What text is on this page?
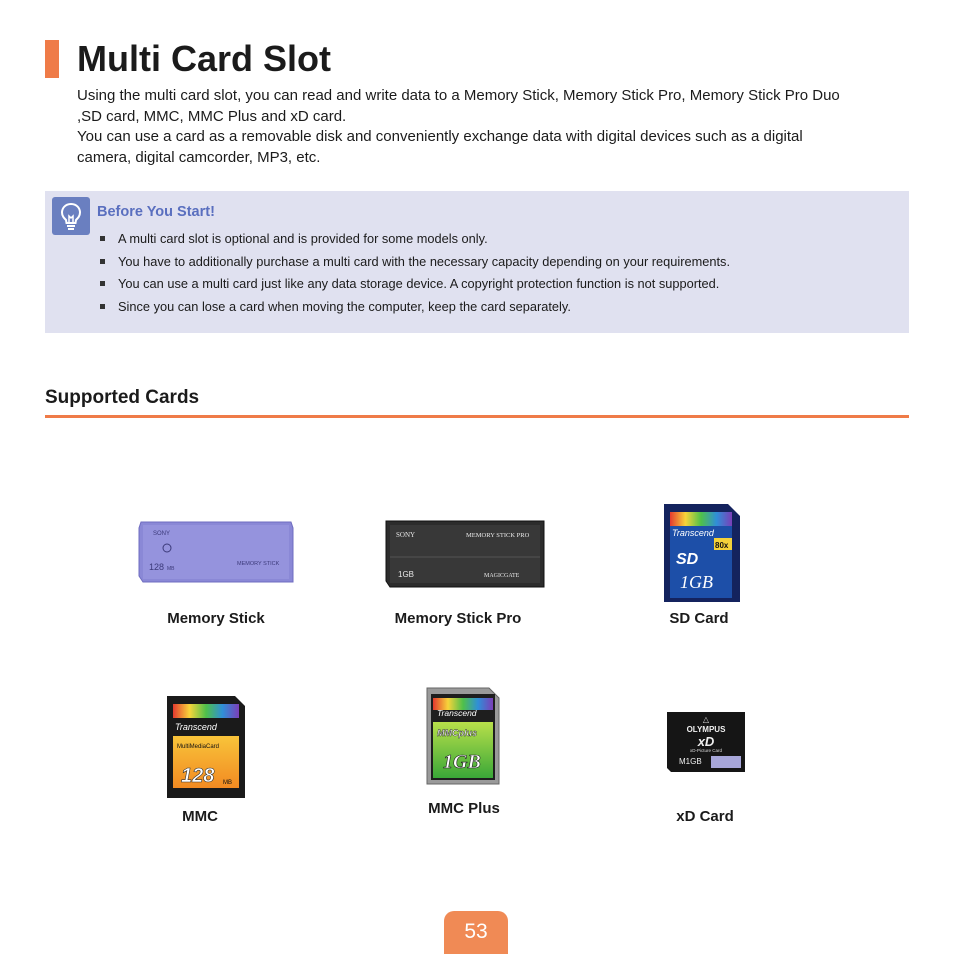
Multi Card Slot

Using the multi card slot, you can read and write data to a Memory Stick, Memory Stick Pro, Memory Stick Pro Duo

,SD card, MMC, MMC Plus and xD card.

You can use a card as a removable disk and conveniently exchange data with digital devices such as a digital

camera, digital camcorder, MP3, etc.

Before You Start!
A multi card slot is optional and is provided for some models only.
You have to additionally purchase a multi card with the necessary capacity depending on your requirements.
You can use a multi card just like any data storage device. A copyright protection function is not supported.
Since you can lose a card when moving the computer, keep the card separately.
Supported Cards
SONY
128 MB
MEMORY STICK
Memory Stick
SONY	MEMORY STICK PRO
1GB	MAGICGATE
Memory Stick Pro
Transcend
80x
SD
1GB
SD Card
Transcend
MultiMediaCard
128 MB
MMC
Transcend
MMCplus
1GB
MMC Plus
△
OLYMPUS
xD
xD-Picture Card
M1GB
xD Card
53
